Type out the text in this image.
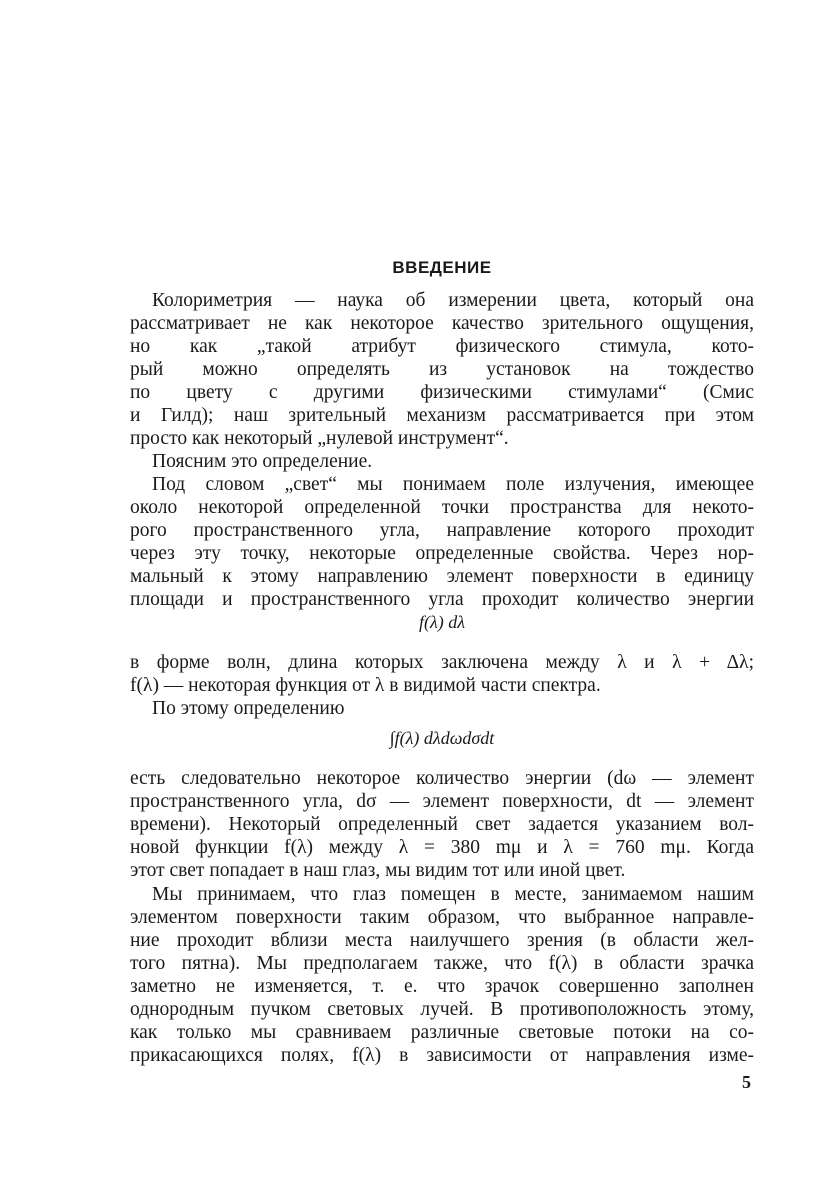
ВВЕДЕНИЕ
Колориметрия — наука об измерении цвета, который она
рассматривает не как некоторое качество зрительного ощущения,
но как „такой атрибут физического стимула, кото-
рый можно определять из установок на тождество
по цвету с другими физическими стимулами“ (Смис
и Гилд); наш зрительный механизм рассматривается при этом
просто как некоторый „нулевой инструмент“.
Поясним это определение.
Под словом „свет“ мы понимаем поле излучения, имеющее
около некоторой определенной точки пространства для некото-
рого пространственного угла, направление которого проходит
через эту точку, некоторые определенные свойства. Через нор-
мальный к этому направлению элемент поверхности в единицу
площади и пространственного угла проходит количество энергии
f(λ) dλ
в форме волн, длина которых заключена между λ и λ + Δλ;
f(λ) — некоторая функция от λ в видимой части спектра.
По этому определению
∫f(λ) dλdωdσdt
есть следовательно некоторое количество энергии (dω — элемент
пространственного угла, dσ — элемент поверхности, dt — элемент
времени). Некоторый определенный свет задается указанием вол-
новой функции f(λ) между λ = 380 mμ и λ = 760 mμ. Когда
этот свет попадает в наш глаз, мы видим тот или иной цвет.
Мы принимаем, что глаз помещен в месте, занимаемом нашим
элементом поверхности таким образом, что выбранное направле-
ние проходит вблизи места наилучшего зрения (в области жел-
того пятна). Мы предполагаем также, что f(λ) в области зрачка
заметно не изменяется, т. е. что зрачок совершенно заполнен
однородным пучком световых лучей. В противоположность этому,
как только мы сравниваем различные световые потоки на со-
прикасающихся полях, f(λ) в зависимости от направления изме-
5
